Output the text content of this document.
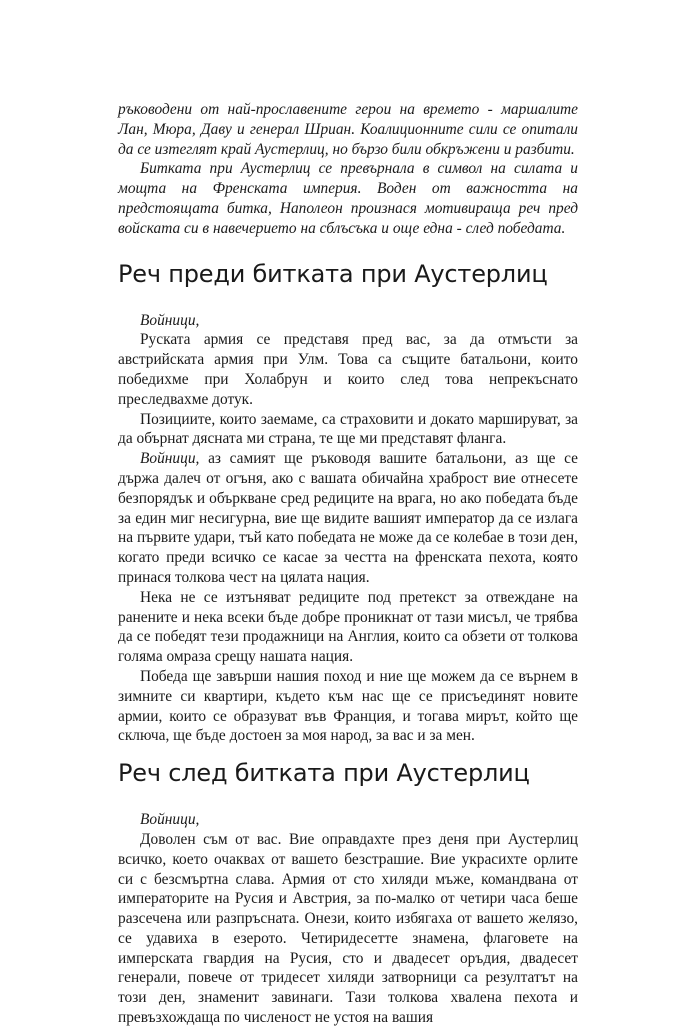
ръководени от най-прославените герои на времето - маршалите Лан, Мюра, Даву и генерал Шриан. Коалиционните сили се опитали да се изтеглят край Аустерлиц, но бързо били обкръжени и разбити.

Битката при Аустерлиц се превърнала в символ на силата и мощта на Френската империя. Воден от важността на предстоящата битка, Наполеон произнася мотивираща реч пред войската си в навечерието на сблъсъка и още една - след победата.

Реч преди битката при Аустерлиц

Войници,

Руската армия се представя пред вас, за да отмъсти за австрийската армия при Улм. Това са същите батальони, които победихме при Холабрун и които след това непрекъснато преследвахме дотук.

Позициите, които заемаме, са страховити и докато маршируват, за да обърнат дясната ми страна, те ще ми представят фланга.

Войници, аз самият ще ръководя вашите батальони, аз ще се държа далеч от огъня, ако с вашата обичайна храброст вие отнесете безпорядък и объркване сред редиците на врага, но ако победата бъде за един миг несигурна, вие ще видите вашият император да се излага на първите удари, тъй като победата не може да се колебае в този ден, когато преди всичко се касае за честта на френската пехота, която принася толкова чест на цялата нация.

Нека не се изтъняват редиците под претекст за отвеждане на ранените и нека всеки бъде добре проникнат от тази мисъл, че трябва да се победят тези продажници на Англия, които са обзети от толкова голяма омраза срещу нашата нация.

Победа ще завърши нашия поход и ние ще можем да се върнем в зимните си квартири, където към нас ще се присъединят новите армии, които се образуват във Франция, и тогава мирът, който ще сключа, ще бъде достоен за моя народ, за вас и за мен.

Реч след битката при Аустерлиц

Войници,

Доволен съм от вас. Вие оправдахте през деня при Аустерлиц всичко, което очаквах от вашето безстрашие. Вие украсихте орлите си с безсмъртна слава. Армия от сто хиляди мъже, командвана от императорите на Русия и Австрия, за по-малко от четири часа беше разсечена или разпръсната. Онези, които избягаха от вашето желязо, се удавиха в езерото. Четиридесетте знамена, флаговете на имперската гвардия на Русия, сто и двадесет оръдия, двадесет генерали, повече от тридесет хиляди затворници са резултатът на този ден, знаменит завинаги. Тази толкова хвалена пехота и превъзхождаща по численост не устоя на вашия
